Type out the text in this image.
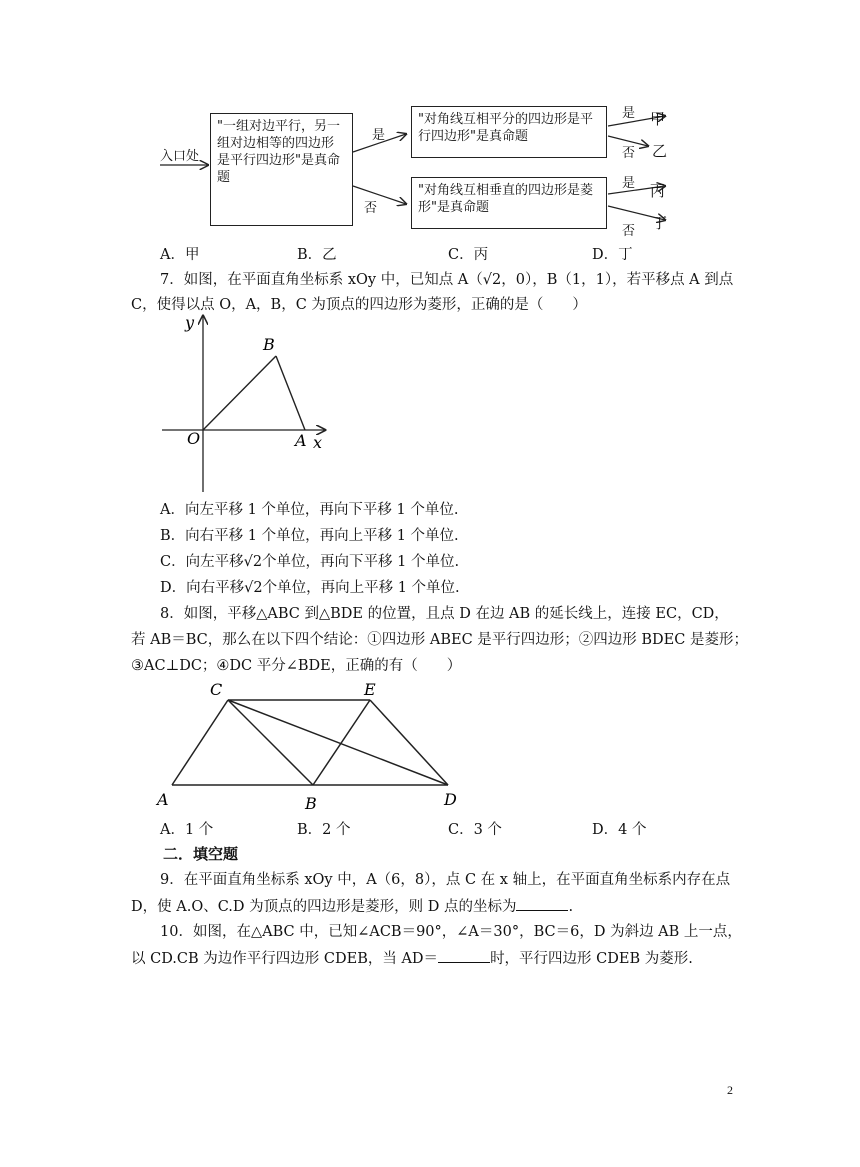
入口处
"一组对边平行，另一组对边相等的四边形是平行四边形"是真命题
是
否
"对角线互相平分的四边形是平行四边形"是真命题
"对角线互相垂直的四边形是菱形"是真命题
是
否
甲
乙
是
否
丙
丁
A．甲	B．乙	C．丙	D．丁
7．如图，在平面直角坐标系 xOy 中，已知点 A（√2，0），B（1，1），若平移点 A 到点
C，使得以点 O，A，B，C 为顶点的四边形为菱形，正确的是（　　）
y
x
O	A
B
A．向左平移 1 个单位，再向下平移 1 个单位.
B．向右平移 1 个单位，再向上平移 1 个单位.
C．向左平移√2个单位，再向下平移 1 个单位.
D．向右平移√2个单位，再向上平移 1 个单位.
8．如图，平移△ABC 到△BDE 的位置，且点 D 在边 AB 的延长线上，连接 EC，CD，
若 AB＝BC，那么在以下四个结论：①四边形 ABEC 是平行四边形；②四边形 BDEC 是菱形；
③AC⊥DC；④DC 平分∠BDE，正确的有（　　）
A	B
C
D
E
A．1 个	B．2 个	C．3 个	D．4 个
二．填空题
9．在平面直角坐标系 xOy 中，A（6，8），点 C 在 x 轴上，在平面直角坐标系内存在点
D，使 A.O、C.D 为顶点的四边形是菱形，则 D 点的坐标为	.
10．如图，在△ABC 中，已知∠ACB＝90°，∠A＝30°，BC＝6，D 为斜边 AB 上一点，
以 CD.CB 为边作平行四边形 CDEB，当 AD＝	时，平行四边形 CDEB 为菱形.
2
